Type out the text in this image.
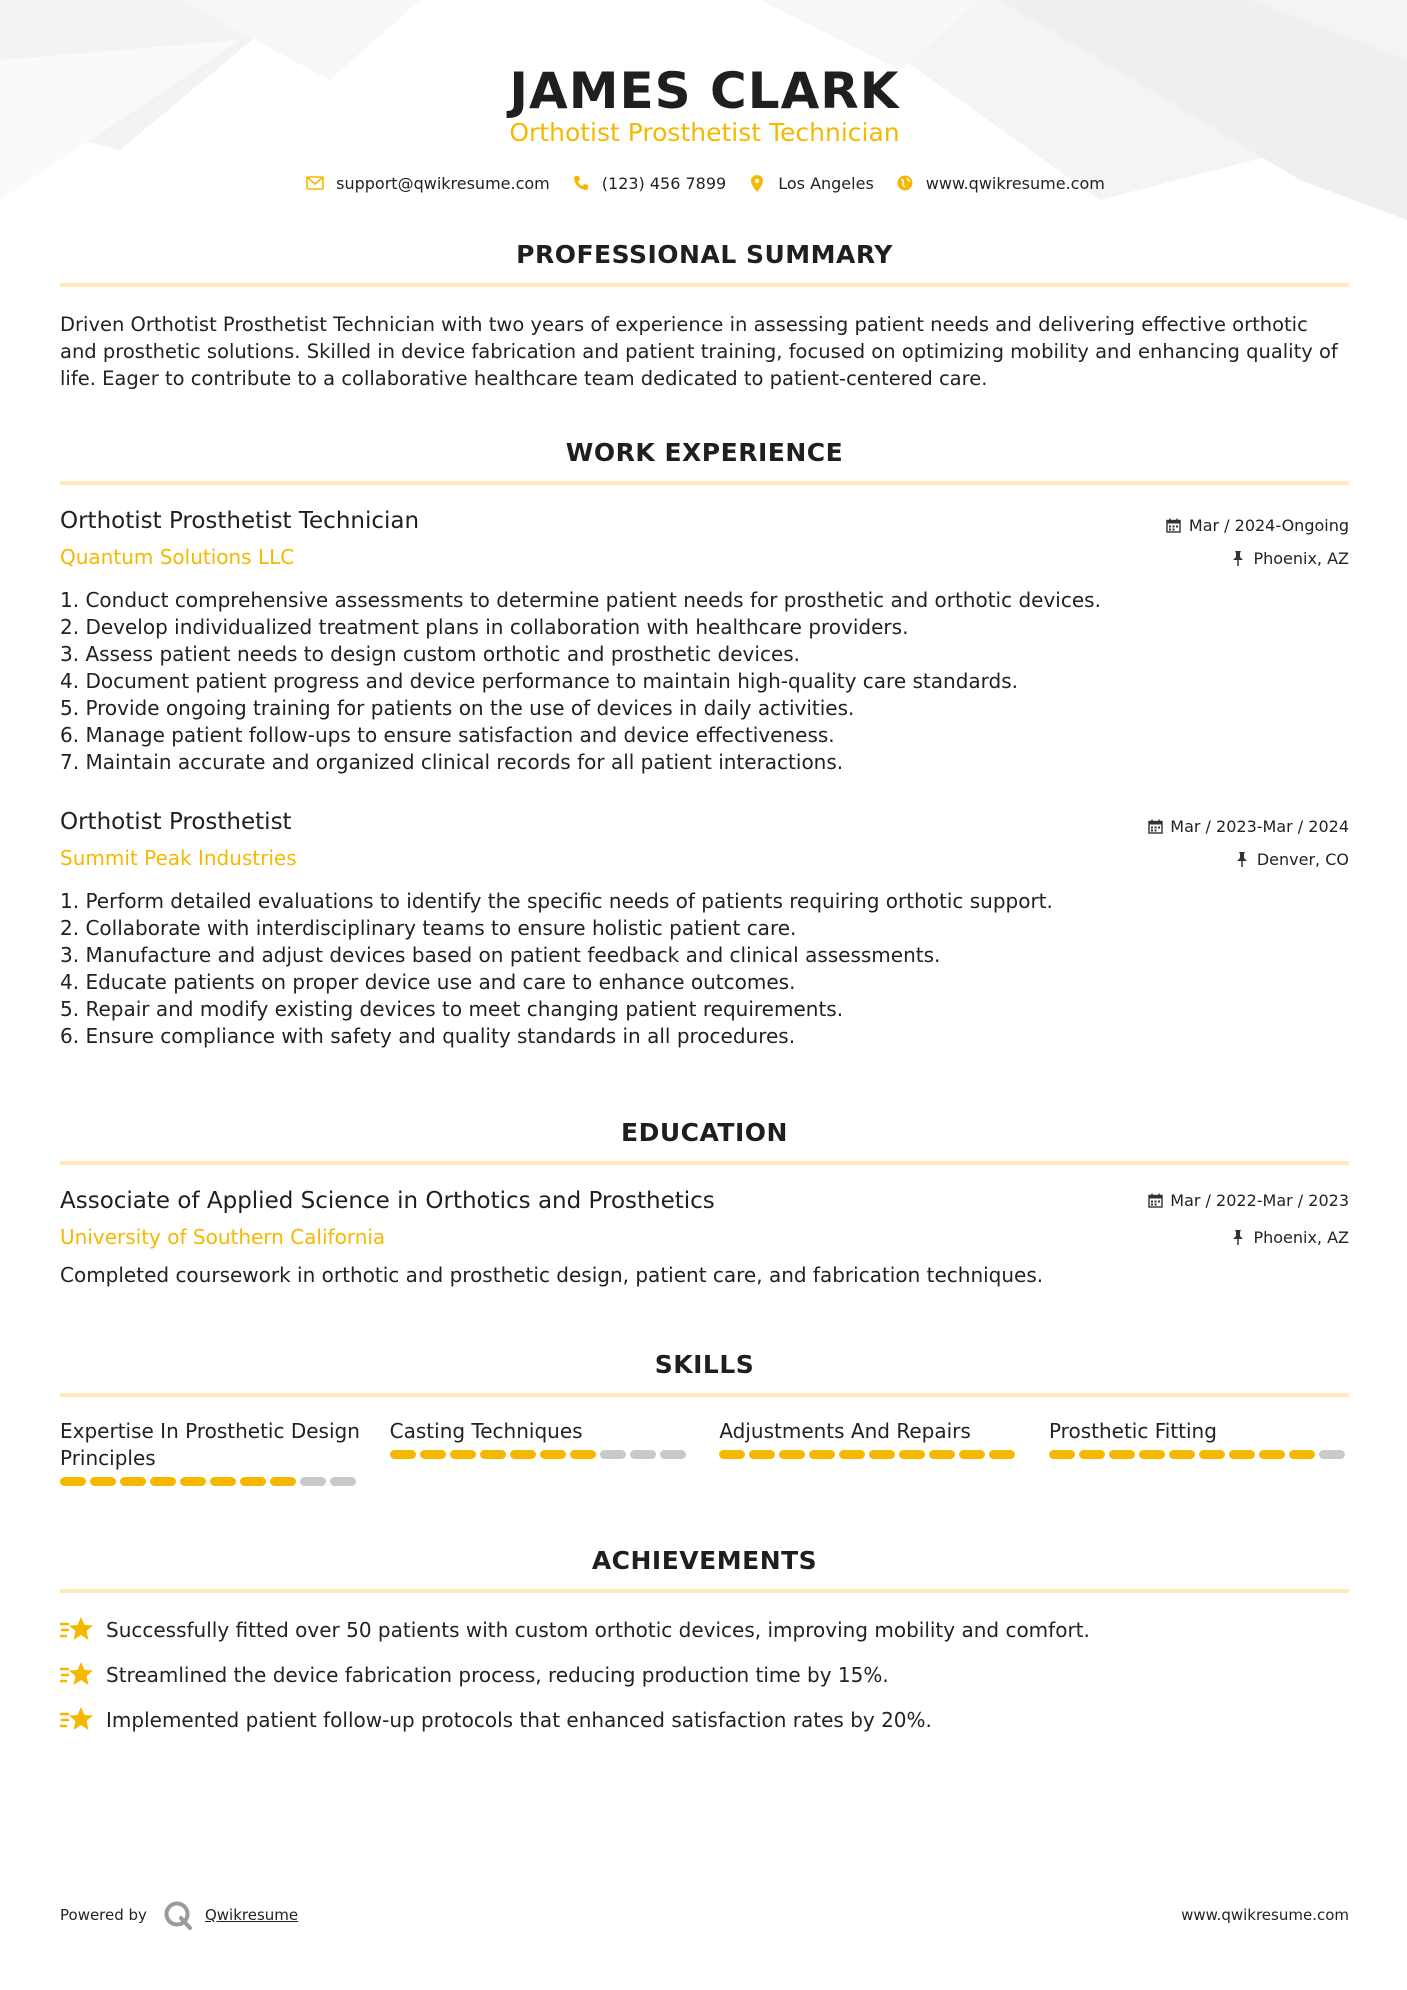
JAMES CLARK
Orthotist Prosthetist Technician
support@qwikresume.com	(123) 456 7899	Los Angeles	www.qwikresume.com
PROFESSIONAL SUMMARY
Driven Orthotist Prosthetist Technician with two years of experience in assessing patient needs and delivering effective orthotic and prosthetic solutions. Skilled in device fabrication and patient training, focused on optimizing mobility and enhancing quality of life. Eager to contribute to a collaborative healthcare team dedicated to patient-centered care.
WORK EXPERIENCE
Orthotist Prosthetist Technician	Mar / 2024-Ongoing
Quantum Solutions LLC	Phoenix, AZ
1. Conduct comprehensive assessments to determine patient needs for prosthetic and orthotic devices.
2. Develop individualized treatment plans in collaboration with healthcare providers.
3. Assess patient needs to design custom orthotic and prosthetic devices.
4. Document patient progress and device performance to maintain high-quality care standards.
5. Provide ongoing training for patients on the use of devices in daily activities.
6. Manage patient follow-ups to ensure satisfaction and device effectiveness.
7. Maintain accurate and organized clinical records for all patient interactions.
Orthotist Prosthetist	Mar / 2023-Mar / 2024
Summit Peak Industries	Denver, CO
1. Perform detailed evaluations to identify the specific needs of patients requiring orthotic support.
2. Collaborate with interdisciplinary teams to ensure holistic patient care.
3. Manufacture and adjust devices based on patient feedback and clinical assessments.
4. Educate patients on proper device use and care to enhance outcomes.
5. Repair and modify existing devices to meet changing patient requirements.
6. Ensure compliance with safety and quality standards in all procedures.
EDUCATION
Associate of Applied Science in Orthotics and Prosthetics	Mar / 2022-Mar / 2023
University of Southern California	Phoenix, AZ
Completed coursework in orthotic and prosthetic design, patient care, and fabrication techniques.
SKILLS
Expertise In Prosthetic Design Principles
Casting Techniques	Adjustments And Repairs	Prosthetic Fitting
ACHIEVEMENTS
Successfully fitted over 50 patients with custom orthotic devices, improving mobility and comfort.
Streamlined the device fabrication process, reducing production time by 15%.
Implemented patient follow-up protocols that enhanced satisfaction rates by 20%.
Powered by	Qwikresume	www.qwikresume.com
